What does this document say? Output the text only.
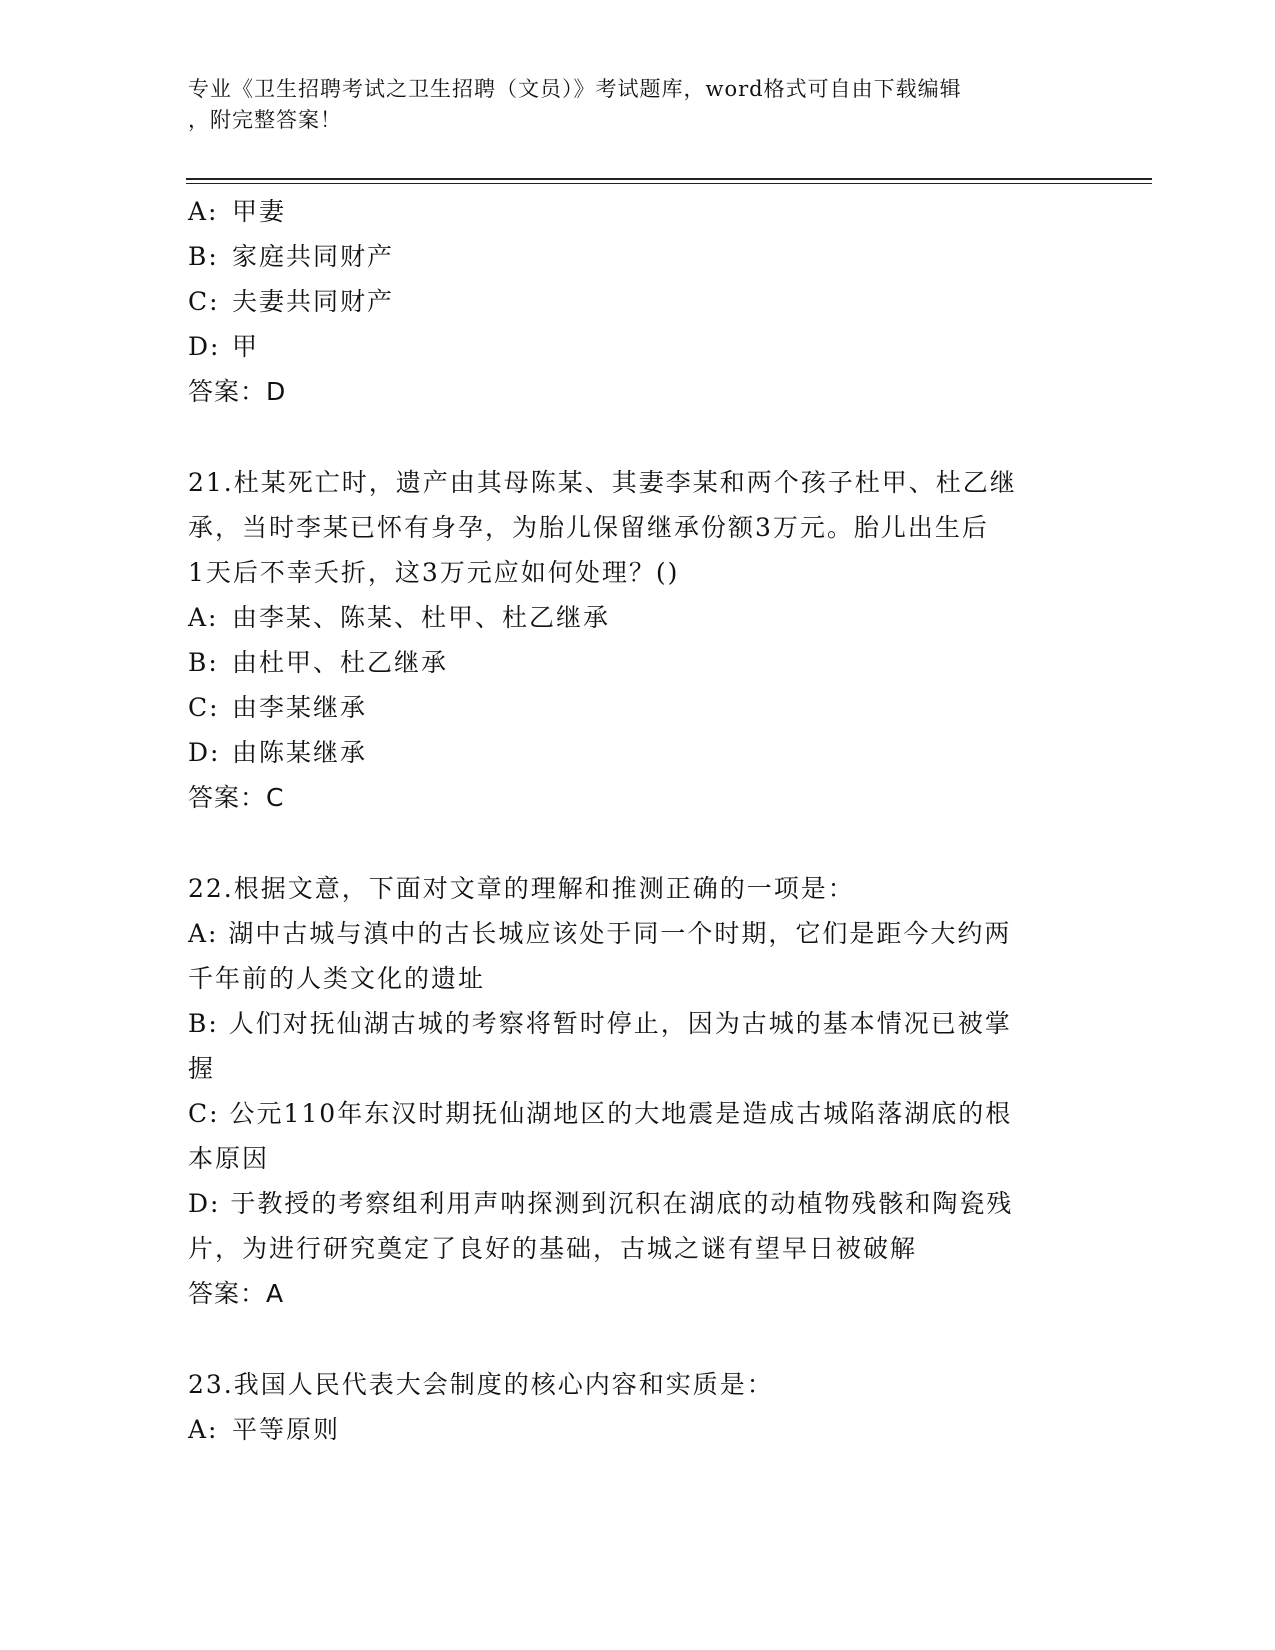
专业《卫生招聘考试之卫生招聘（文员）》考试题库，word格式可自由下载编辑
，附完整答案！
A: 甲妻
B: 家庭共同财产
C: 夫妻共同财产
D: 甲
答案：D
21.杜某死亡时，遗产由其母陈某、其妻李某和两个孩子杜甲、杜乙继
承，当时李某已怀有身孕，为胎儿保留继承份额3万元。胎儿出生后
1天后不幸夭折，这3万元应如何处理？()
A: 由李某、陈某、杜甲、杜乙继承
B: 由杜甲、杜乙继承
C: 由李某继承
D: 由陈某继承
答案：C
22.根据文意，下面对文章的理解和推测正确的一项是：
A: 湖中古城与滇中的古长城应该处于同一个时期，它们是距今大约两
千年前的人类文化的遗址
B: 人们对抚仙湖古城的考察将暂时停止，因为古城的基本情况已被掌
握
C: 公元110年东汉时期抚仙湖地区的大地震是造成古城陷落湖底的根
本原因
D: 于教授的考察组利用声呐探测到沉积在湖底的动植物残骸和陶瓷残
片，为进行研究奠定了良好的基础，古城之谜有望早日被破解
答案：A
23.我国人民代表大会制度的核心内容和实质是：
A: 平等原则
